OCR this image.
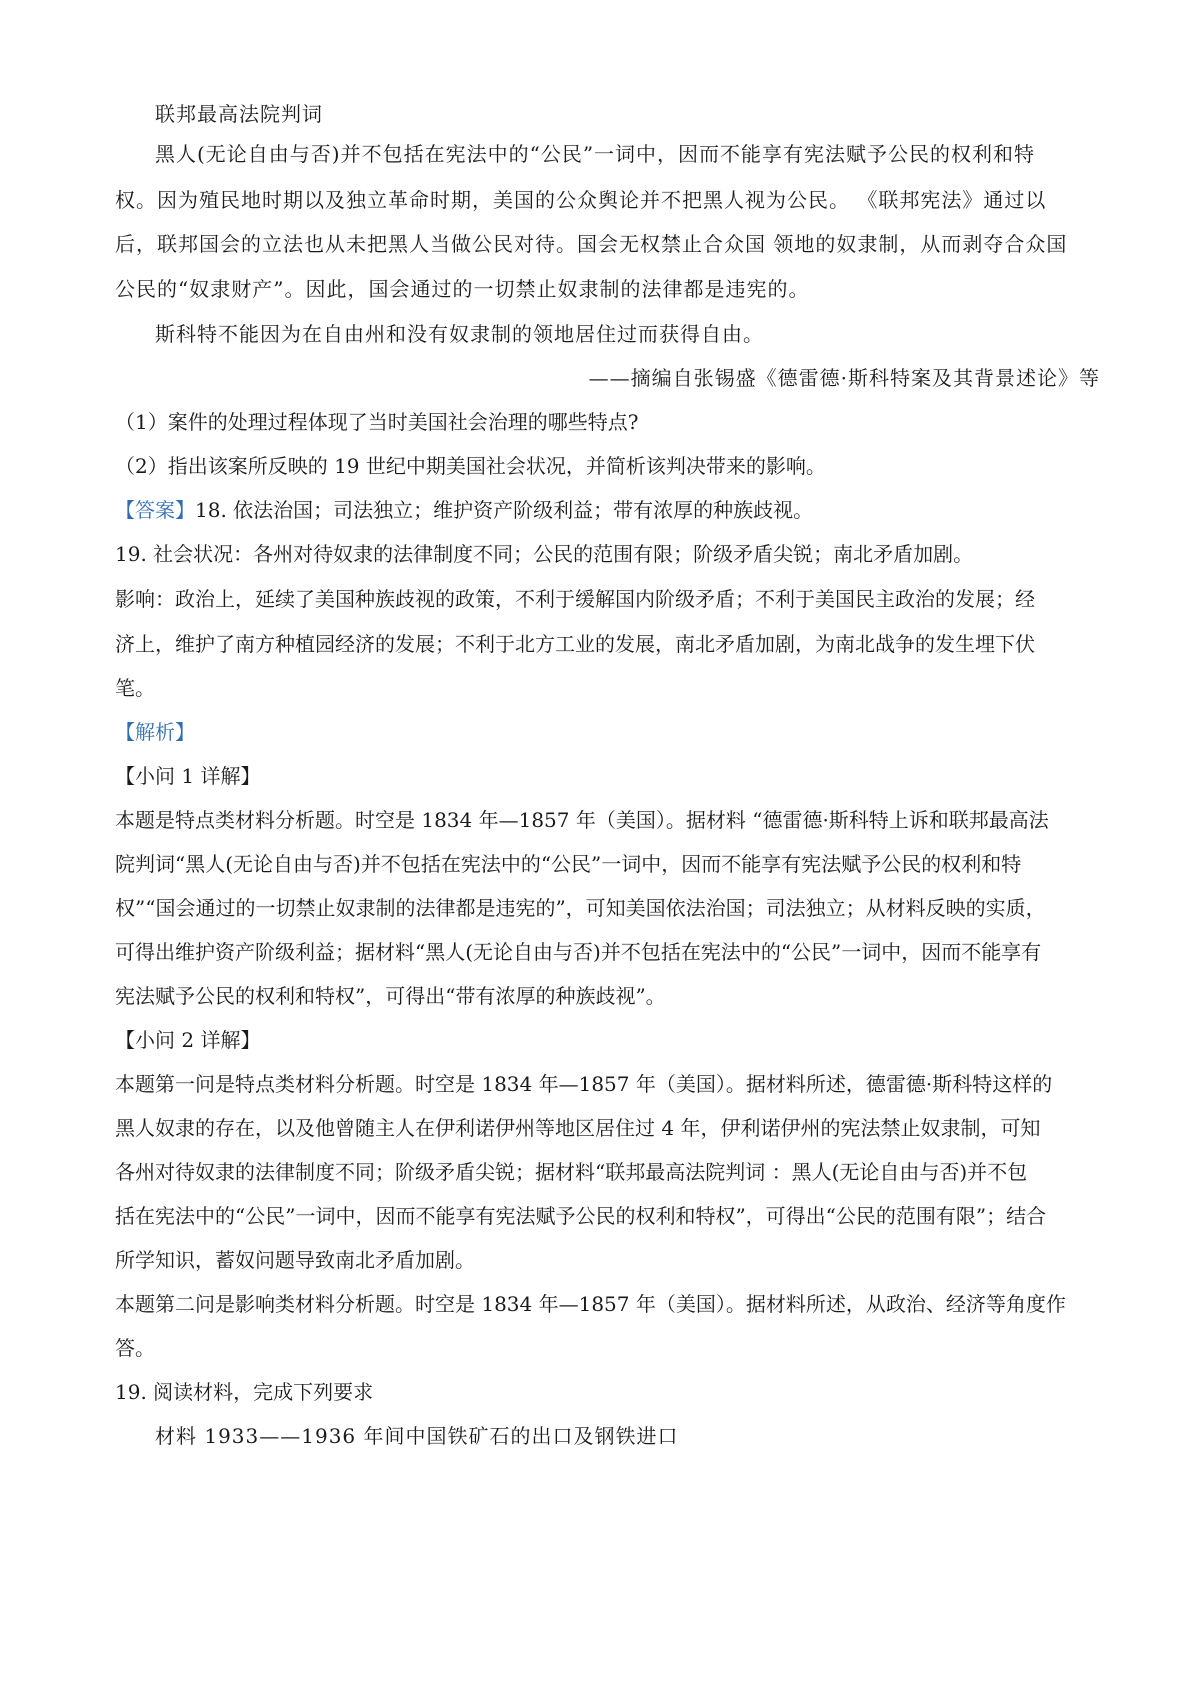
联邦最高法院判词
黑人(无论自由与否)并不包括在宪法中的“公民”一词中，因而不能享有宪法赋予公民的权利和特
权。因为殖民地时期以及独立革命时期，美国的公众舆论并不把黑人视为公民。 《联邦宪法》通过以
后，联邦国会的立法也从未把黑人当做公民对待。国会无权禁止合众国 领地的奴隶制，从而剥夺合众国
公民的“奴隶财产”。因此，国会通过的一切禁止奴隶制的法律都是违宪的。
斯科特不能因为在自由州和没有奴隶制的领地居住过而获得自由。
——摘编自张锡盛《德雷德·斯科特案及其背景述论》等
（1）案件的处理过程体现了当时美国社会治理的哪些特点?
（2）指出该案所反映的 19 世纪中期美国社会状况，并简析该判决带来的影响。
【答案】18. 依法治国；司法独立；维护资产阶级利益；带有浓厚的种族歧视。
19. 社会状况：各州对待奴隶的法律制度不同；公民的范围有限；阶级矛盾尖锐；南北矛盾加剧。
影响：政治上，延续了美国种族歧视的政策，不利于缓解国内阶级矛盾；不利于美国民主政治的发展；经
济上，维护了南方种植园经济的发展；不利于北方工业的发展，南北矛盾加剧，为南北战争的发生埋下伏
笔。
【解析】
【小问 1 详解】
本题是特点类材料分析题。时空是 1834 年—1857 年（美国）。据材料 “德雷德·斯科特上诉和联邦最高法
院判词“黑人(无论自由与否)并不包括在宪法中的“公民”一词中，因而不能享有宪法赋予公民的权利和特
权”“国会通过的一切禁止奴隶制的法律都是违宪的”，可知美国依法治国；司法独立；从材料反映的实质，
可得出维护资产阶级利益；据材料“黑人(无论自由与否)并不包括在宪法中的“公民”一词中，因而不能享有
宪法赋予公民的权利和特权”，可得出“带有浓厚的种族歧视”。
【小问 2 详解】
本题第一问是特点类材料分析题。时空是 1834 年—1857 年（美国）。据材料所述，德雷德·斯科特这样的
黑人奴隶的存在，以及他曾随主人在伊利诺伊州等地区居住过 4 年，伊利诺伊州的宪法禁止奴隶制，可知
各州对待奴隶的法律制度不同；阶级矛盾尖锐；据材料“联邦最高法院判词 ：黑人(无论自由与否)并不包
括在宪法中的“公民”一词中，因而不能享有宪法赋予公民的权利和特权”，可得出“公民的范围有限”；结合
所学知识，蓄奴问题导致南北矛盾加剧。
本题第二问是影响类材料分析题。时空是 1834 年—1857 年（美国）。据材料所述，从政治、经济等角度作
答。
19. 阅读材料，完成下列要求
材料 1933——1936 年间中国铁矿石的出口及钢铁进口
